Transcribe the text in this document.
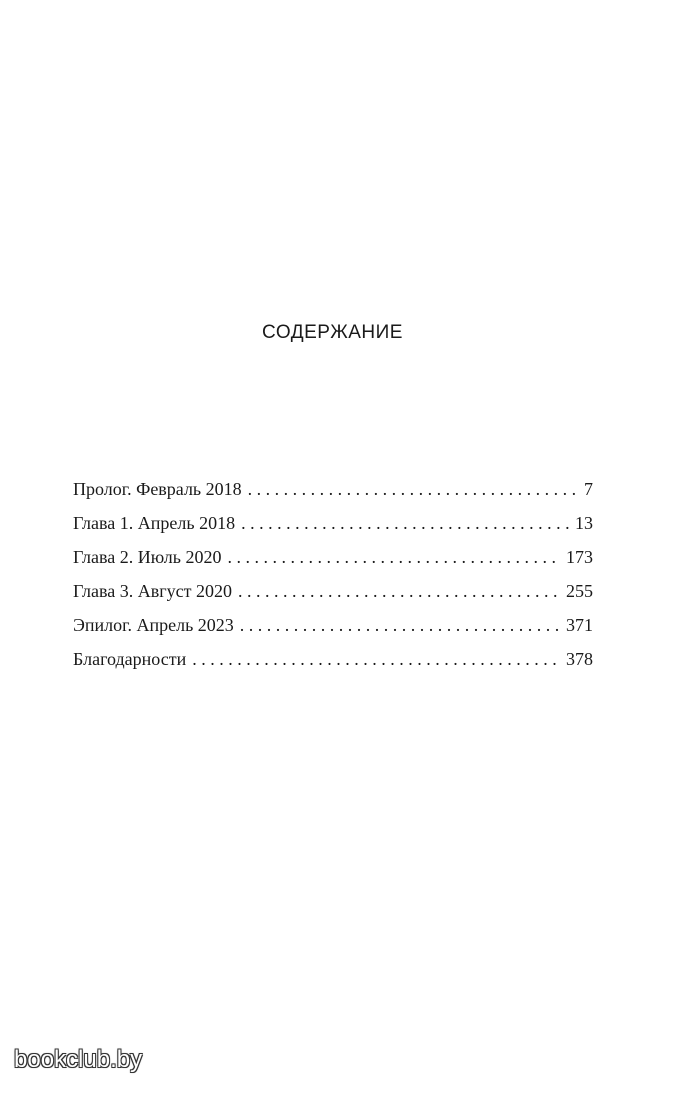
СОДЕРЖАНИЕ
Пролог. Февраль 2018 . . .	7
Глава 1. Апрель 2018 . . .	13
Глава 2. Июль 2020 . . .	173
Глава 3. Август 2020 . . .	255
Эпилог. Апрель 2023 . . .	371
Благодарности . . .	378
bookclub.by
